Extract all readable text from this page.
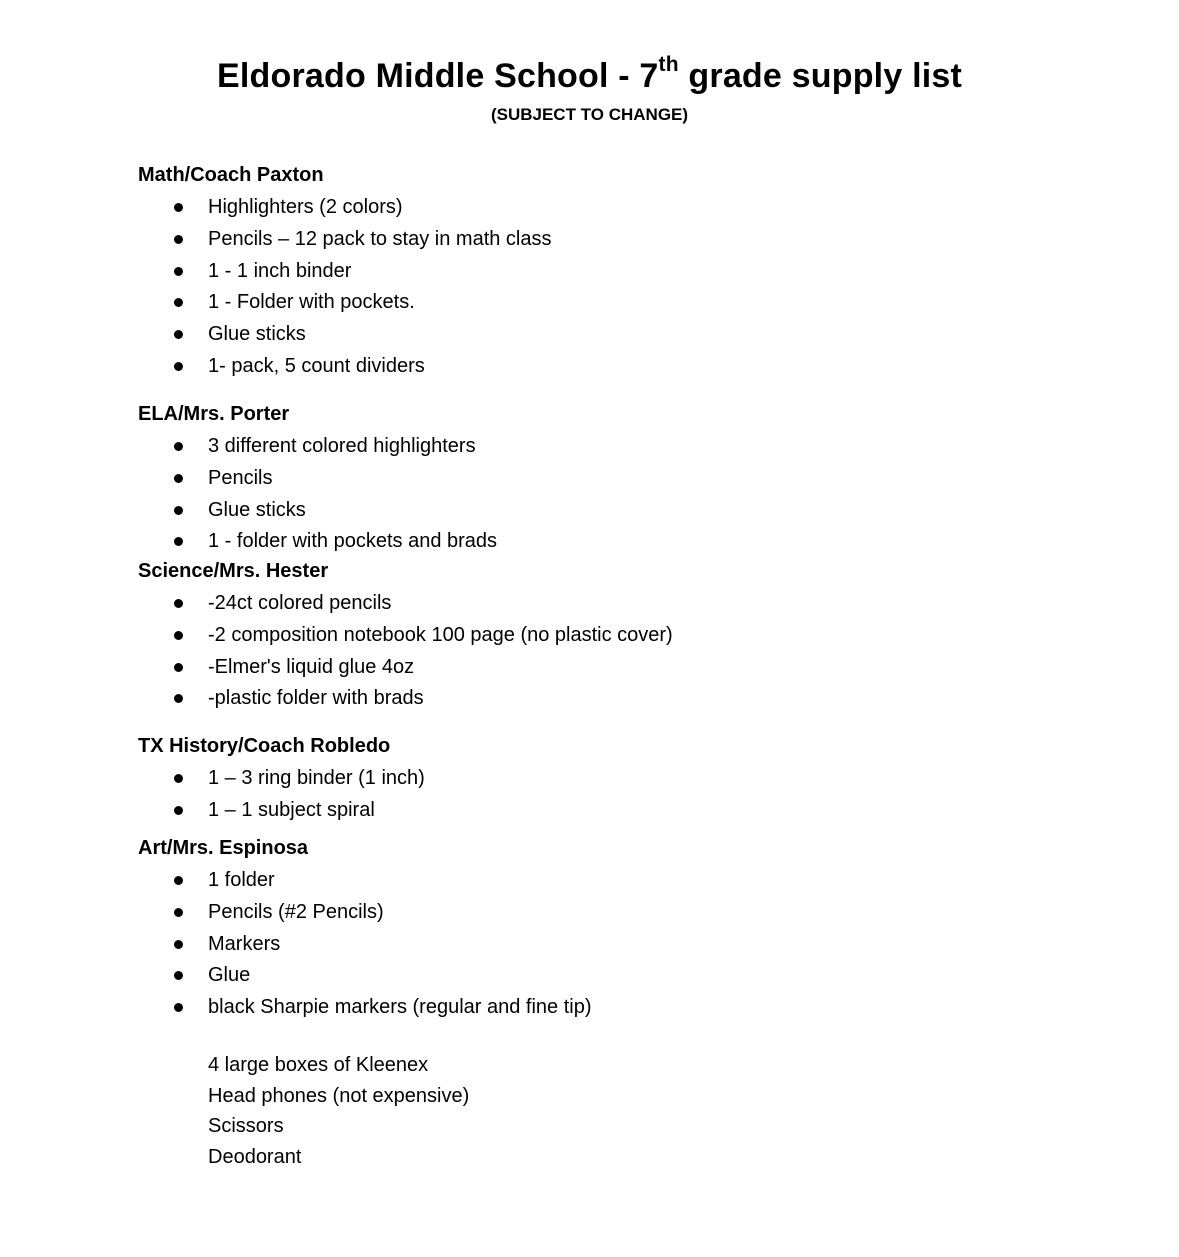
Eldorado Middle School - 7th grade supply list
(SUBJECT TO CHANGE)
Math/Coach Paxton
Highlighters (2 colors)
Pencils – 12 pack to stay in math class
1 - 1 inch binder
1 - Folder with pockets.
Glue sticks
1- pack, 5 count dividers
ELA/Mrs. Porter
3 different colored highlighters
Pencils
Glue sticks
1 - folder with pockets and brads
Science/Mrs. Hester
-24ct colored pencils
-2 composition notebook 100 page (no plastic cover)
-Elmer's liquid glue 4oz
-plastic folder with brads
TX History/Coach Robledo
1 – 3 ring binder (1 inch)
1 – 1 subject spiral
Art/Mrs. Espinosa
1 folder
Pencils (#2 Pencils)
Markers
Glue
black Sharpie markers (regular and fine tip)
4 large boxes of Kleenex
Head phones (not expensive)
Scissors
Deodorant
